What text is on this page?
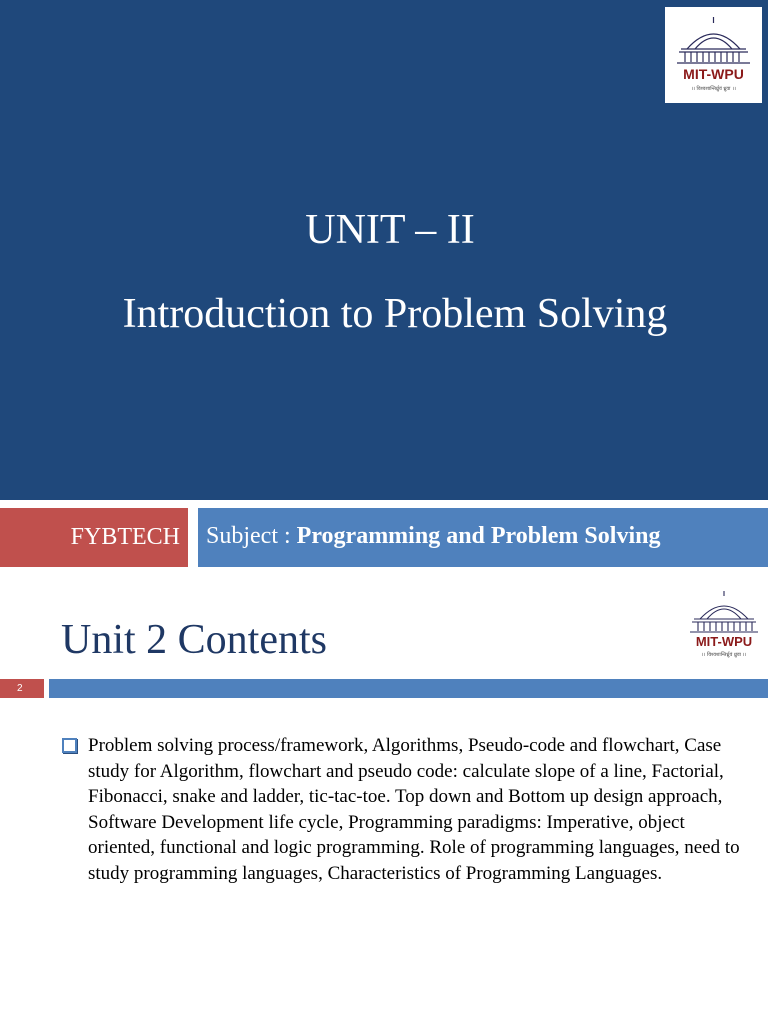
MIT-WPU
।। विश्वशान्तिर्ध्रुवं ध्रुवा ।।
UNIT – II
Introduction to Problem Solving
FYBTECH	Subject : Programming and Problem Solving
Unit 2 Contents	MIT-WPU
।। विश्वशान्तिर्ध्रुवं ध्रुवा ।।
2

Problem solving process/framework, Algorithms, Pseudo-code and flowchart, Case study for Algorithm, flowchart and pseudo code: calculate slope of a line, Factorial, Fibonacci, snake and ladder, tic-tac-toe. Top down and Bottom up design approach, Software Development life cycle, Programming paradigms: Imperative, object oriented, functional and logic programming. Role of programming languages, need to study programming languages, Characteristics of Programming Languages.
